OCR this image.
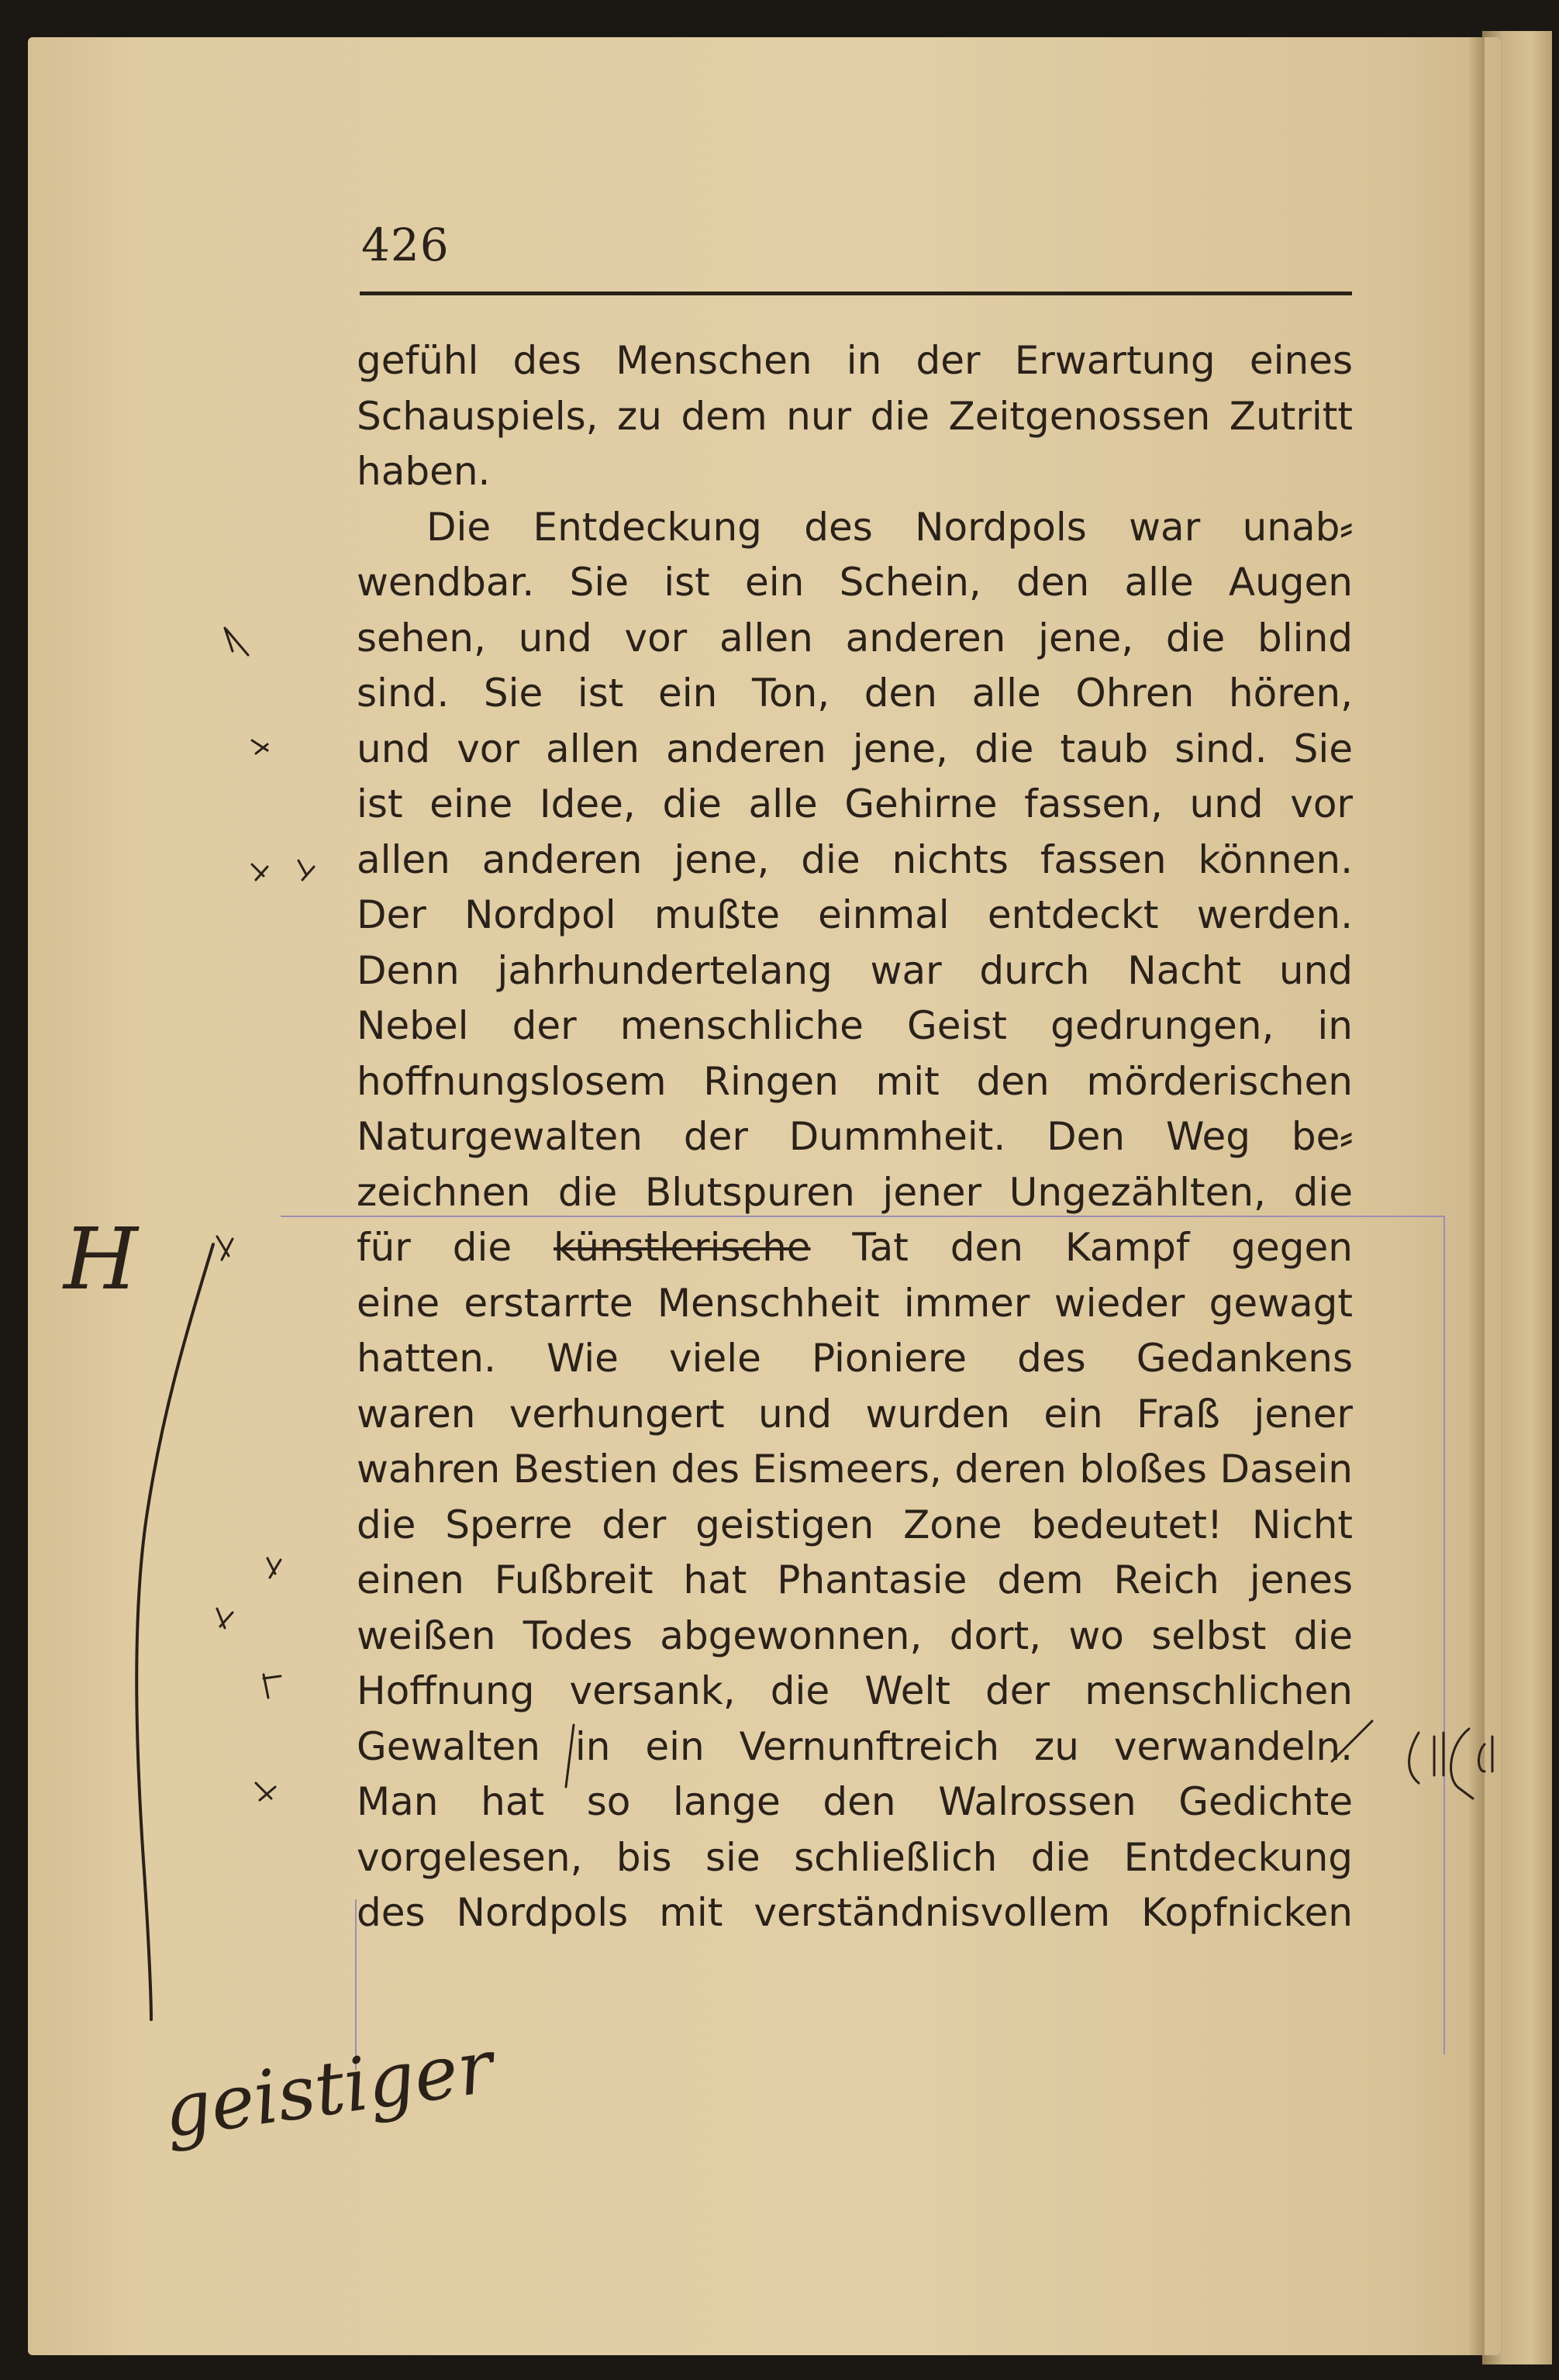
426
gefühl des Menschen in der Erwartung eines
Schauspiels, zu dem nur die Zeitgenossen Zutritt
haben.
Die Entdeckung des Nordpols war unab⸗
wendbar. Sie ist ein Schein, den alle Augen
sehen, und vor allen anderen jene, die blind
sind. Sie ist ein Ton, den alle Ohren hören,
und vor allen anderen jene, die taub sind. Sie
ist eine Idee, die alle Gehirne fassen, und vor
allen anderen jene, die nichts fassen können.
Der Nordpol mußte einmal entdeckt werden.
Denn jahrhundertelang war durch Nacht und
Nebel der menschliche Geist gedrungen, in
hoffnungslosem Ringen mit den mörderischen
Naturgewalten der Dummheit. Den Weg be⸗
zeichnen die Blutspuren jener Ungezählten, die
für die künstlerische Tat den Kampf gegen
eine erstarrte Menschheit immer wieder gewagt
hatten. Wie viele Pioniere des Gedankens
waren verhungert und wurden ein Fraß jener
wahren Bestien des Eismeers, deren bloßes Dasein
die Sperre der geistigen Zone bedeutet! Nicht
einen Fußbreit hat Phantasie dem Reich jenes
weißen Todes abgewonnen, dort, wo selbst die
Hoffnung versank, die Welt der menschlichen
Gewalten in ein Vernunftreich zu verwandeln.
Man hat so lange den Walrossen Gedichte
vorgelesen, bis sie schließlich die Entdeckung
des Nordpols mit verständnisvollem Kopfnicken
H
geistiger
